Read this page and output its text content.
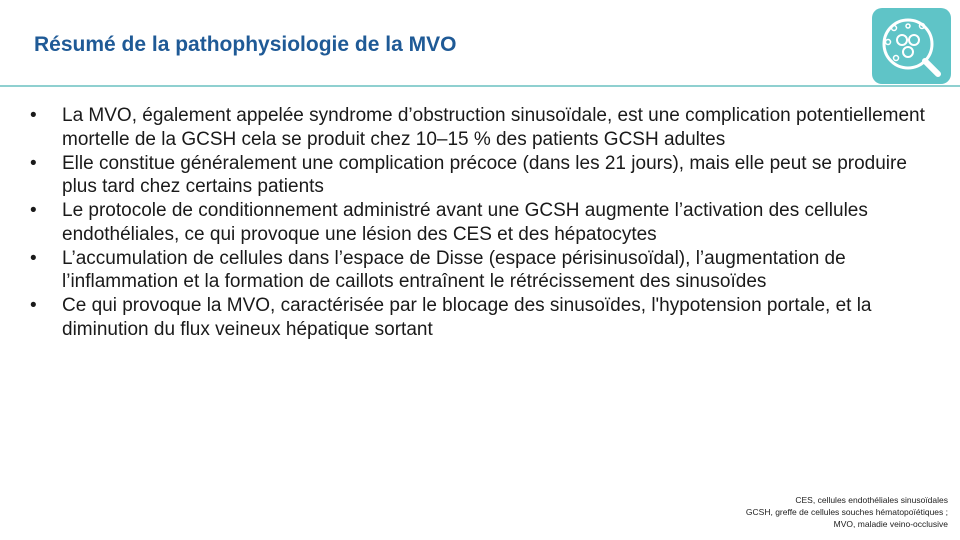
Résumé de la pathophysiologie de la MVO
• La MVO, également appelée syndrome d’obstruction sinusoïdale, est une complication potentiellement mortelle de la GCSH cela se produit chez 10–15 % des patients GCSH adultes
• Elle constitue généralement une complication précoce (dans les 21 jours), mais elle peut se produire plus tard chez certains patients
• Le protocole de conditionnement administré avant une GCSH augmente l’activation des cellules endothéliales, ce qui provoque une lésion des CES et des hépatocytes
• L’accumulation de cellules dans l’espace de Disse (espace périsinusoïdal), l’augmentation de l’inflammation et la formation de caillots entraînent le rétrécissement des sinusoïdes
• Ce qui provoque la MVO, caractérisée par le blocage des sinusoïdes, l'hypotension portale, et la diminution du flux veineux hépatique sortant
CES, cellules endothéliales sinusoïdales
GCSH, greffe de cellules souches hématopoïétiques ;
MVO, maladie veino-occlusive
